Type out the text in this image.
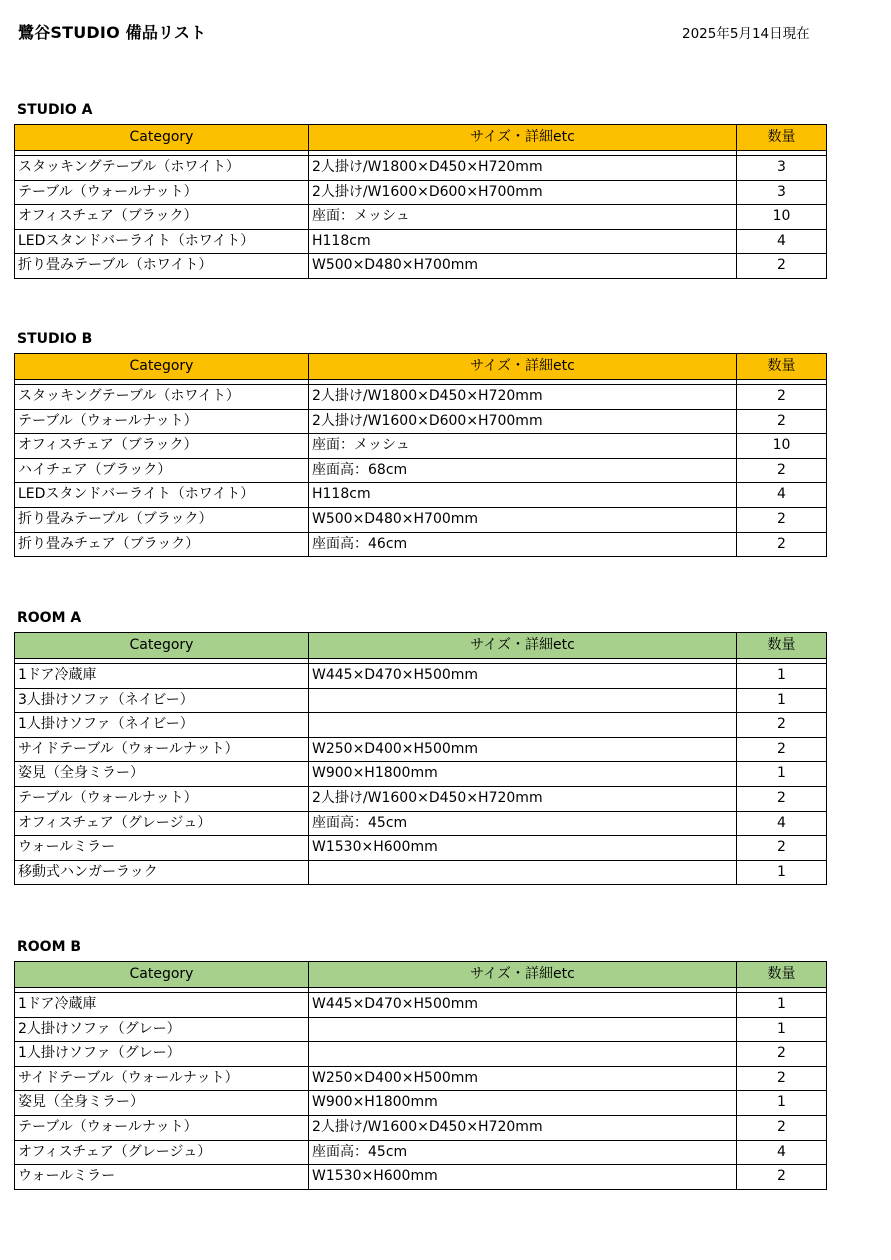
鷺谷STUDIO 備品リスト	2025年5月14日現在
STUDIO A
Category	サイズ・詳細etc	数量

スタッキングテーブル（ホワイト）	2人掛け/W1800×D450×H720mm	3
テーブル（ウォールナット）	2人掛け/W1600×D600×H700mm	3
オフィスチェア（ブラック）	座面：メッシュ	10
LEDスタンドバーライト（ホワイト）	H118cm	4
折り畳みテーブル（ホワイト）	W500×D480×H700mm	2
STUDIO B
Category	サイズ・詳細etc	数量

スタッキングテーブル（ホワイト）	2人掛け/W1800×D450×H720mm	2
テーブル（ウォールナット）	2人掛け/W1600×D600×H700mm	2
オフィスチェア（ブラック）	座面：メッシュ	10
ハイチェア（ブラック）	座面高：68cm	2
LEDスタンドバーライト（ホワイト）	H118cm	4
折り畳みテーブル（ブラック）	W500×D480×H700mm	2
折り畳みチェア（ブラック）	座面高：46cm	2
ROOM A
Category	サイズ・詳細etc	数量

1ドア冷蔵庫	W445×D470×H500mm	1
3人掛けソファ（ネイビー）		1
1人掛けソファ（ネイビー）		2
サイドテーブル（ウォールナット）	W250×D400×H500mm	2
姿見（全身ミラー）	W900×H1800mm	1
テーブル（ウォールナット）	2人掛け/W1600×D450×H720mm	2
オフィスチェア（グレージュ）	座面高：45cm	4
ウォールミラー	W1530×H600mm	2
移動式ハンガーラック		1
ROOM B
Category	サイズ・詳細etc	数量

1ドア冷蔵庫	W445×D470×H500mm	1
2人掛けソファ（グレー）		1
1人掛けソファ（グレー）		2
サイドテーブル（ウォールナット）	W250×D400×H500mm	2
姿見（全身ミラー）	W900×H1800mm	1
テーブル（ウォールナット）	2人掛け/W1600×D450×H720mm	2
オフィスチェア（グレージュ）	座面高：45cm	4
ウォールミラー	W1530×H600mm	2
